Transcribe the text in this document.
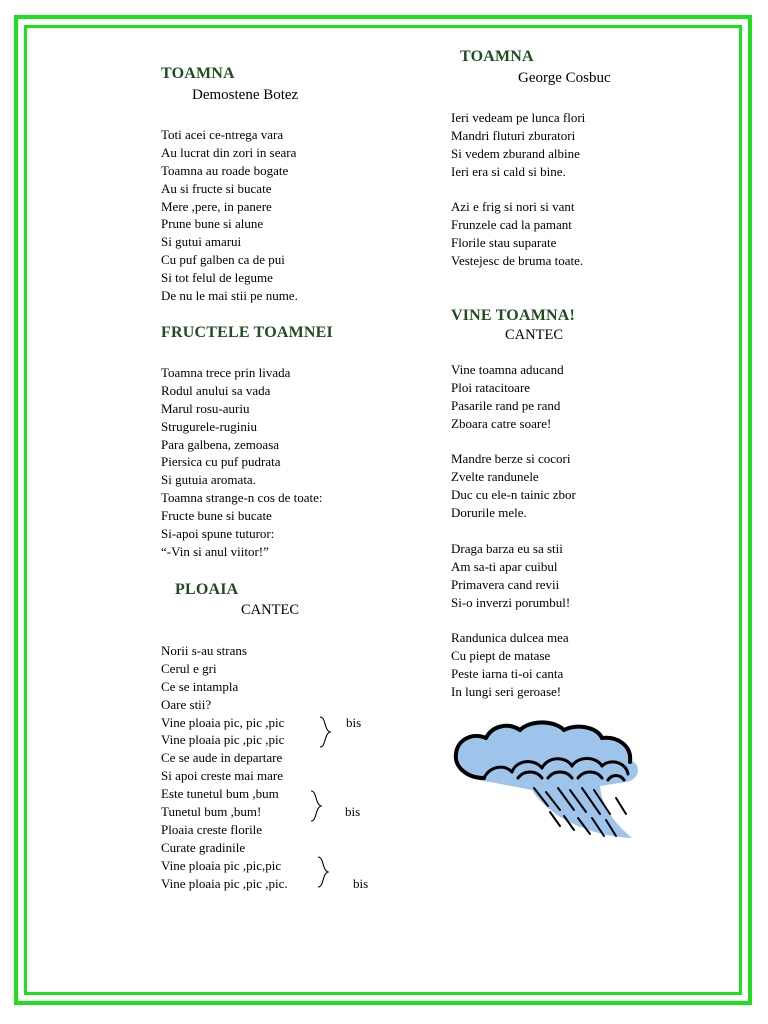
TOAMNA
Demostene Botez
Toti acei ce-ntrega vara
Au lucrat din zori in seara
Toamna au roade bogate
Au si fructe si bucate
Mere ,pere, in panere
Prune bune si alune
Si gutui amarui
Cu puf galben ca de pui
Si tot felul de legume
De nu le mai stii pe nume.
FRUCTELE TOAMNEI
Toamna trece prin livada
Rodul anului sa vada
Marul rosu-auriu
Strugurele-ruginiu
Para galbena, zemoasa
Piersica cu puf pudrata
Si gutuia aromata.
Toamna strange-n cos de toate:
Fructe bune si bucate
Si-apoi spune tuturor:
“-Vin si anul viitor!”
PLOAIA
CANTEC
Norii s-au strans
Cerul e gri
Ce se intampla
Oare stii?
Vine ploaia pic, pic ,pic
Vine ploaia pic ,pic ,pic
Ce se aude in departare
Si apoi creste mai mare
Este tunetul bum ,bum
Tunetul bum ,bum!
Ploaia creste florile
Curate gradinile
Vine ploaia pic ,pic,pic
Vine ploaia pic ,pic ,pic.
bis
bis
bis
TOAMNA
George Cosbuc
Ieri vedeam pe lunca flori
Mandri fluturi zburatori
Si vedem zburand albine
Ieri era si cald si bine.
Azi e frig si nori si vant
Frunzele cad la pamant
Florile stau suparate
Vestejesc de bruma toate.
VINE TOAMNA!
CANTEC
Vine toamna aducand
Ploi ratacitoare
Pasarile rand pe rand
Zboara catre soare!
Mandre berze si cocori
Zvelte randunele
Duc cu ele-n tainic zbor
Dorurile mele.
Draga barza eu sa stii
Am sa-ti apar cuibul
Primavera cand revii
Si-o inverzi porumbul!
Randunica dulcea mea
Cu piept de matase
Peste iarna ti-oi canta
In lungi seri geroase!
